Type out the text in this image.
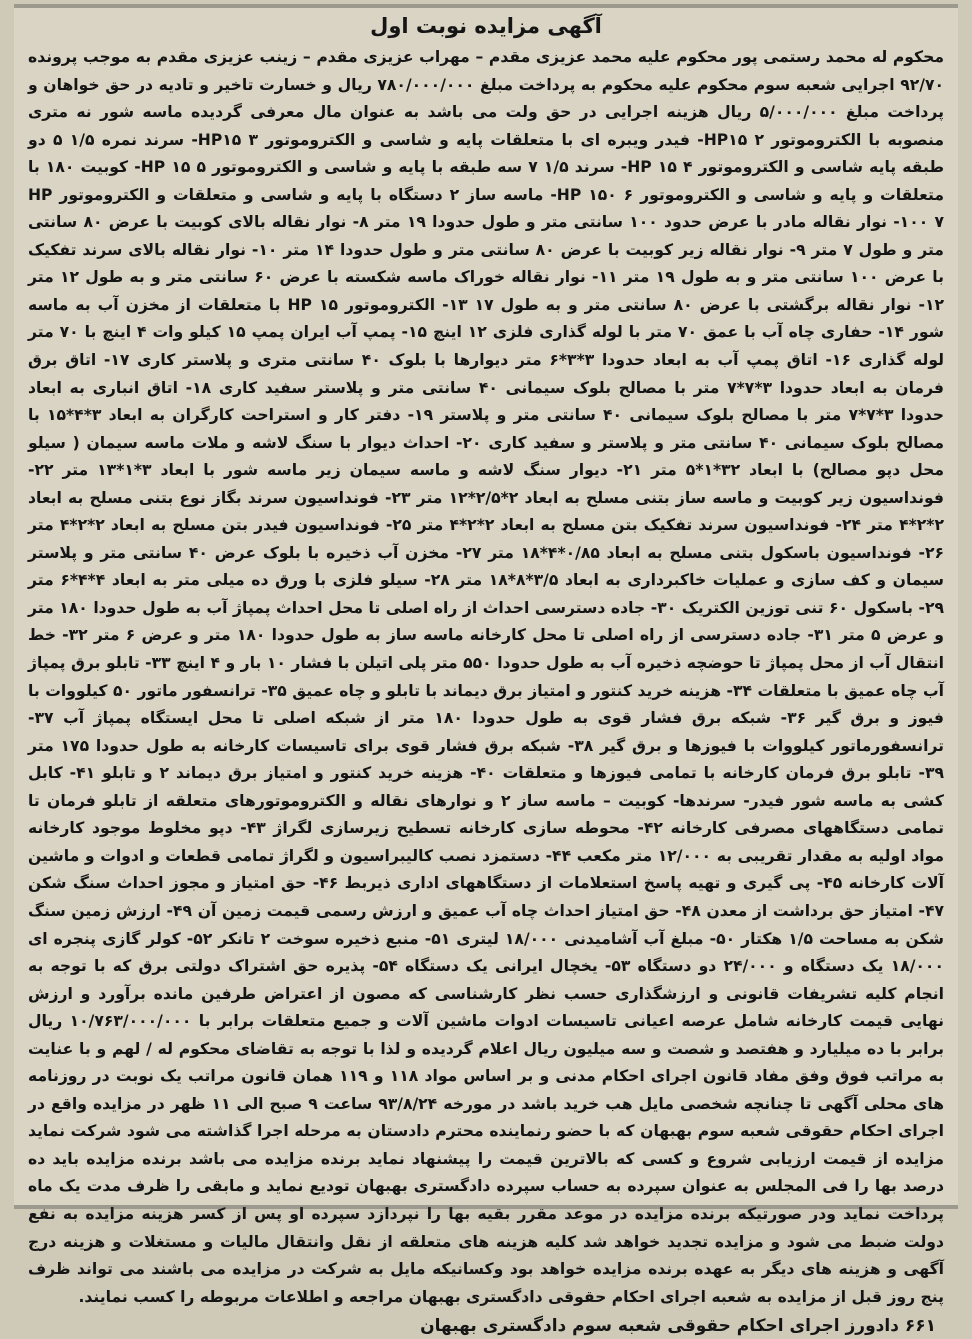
آگهی مزایده نوبت اول

محکوم له محمد رستمی پور محکوم علیه محمد عزیزی مقدم – مهراب عزیزی مقدم – زینب عزیزی مقدم به موجب پرونده ۹۲/۷۰ اجرایی شعبه سوم محکوم علیه محکوم به پرداخت مبلغ ۷۸۰/۰۰۰/۰۰۰ ریال و خسارت تاخیر و تادیه در حق خواهان و پرداخت مبلغ ۵/۰۰۰/۰۰۰ ریال هزینه اجرایی در حق ولت می باشد به عنوان مال معرفی گردیده ماسه شور نه متری منصوبه با الکتروموتور HP۱۵ ۲- فیدر ویبره ای با متعلقات پایه و شاسی و الکتروموتور HP۱۵ ۳- سرند نمره ۱/۵ ۵ دو طبقه پایه شاسی و الکتروموتور HP ۱۵ ۴- سرند ۱/۵ ۷ سه طبقه با پایه و شاسی و الکتروموتور HP ۱۵ ۵- کوبیت ۱۸۰ با متعلقات و پایه و شاسی و الکتروموتور HP ۱۵۰ ۶- ماسه ساز ۲ دستگاه با پایه و شاسی و متعلقات و الکتروموتور HP ۱۰۰ ۷- نوار نقاله مادر با عرض حدود ۱۰۰ سانتی متر و طول حدودا ۱۹ متر ۸- نوار نقاله بالای کوبیت با عرض ۸۰ سانتی متر و طول ۷ متر ۹- نوار نقاله زیر کوبیت با عرض ۸۰ سانتی متر و طول حدودا ۱۴ متر ۱۰- نوار نقاله بالای سرند تفکیک با عرض ۱۰۰ سانتی متر و به طول ۱۹ متر ۱۱- نوار نقاله خوراک ماسه شکسته با عرض ۶۰ سانتی متر و به طول ۱۲ متر ۱۲- نوار نقاله برگشتی با عرض ۸۰ سانتی متر و به طول ۱۷ ۱۳- الکتروموتور HP ۱۵ با متعلقات از مخزن آب به ماسه شور ۱۴- حفاری چاه آب با عمق ۷۰ متر با لوله گذاری فلزی ۱۲ اینچ ۱۵- پمپ آب ایران پمپ ۱۵ کیلو وات ۴ اینچ با ۷۰ متر لوله گذاری ۱۶- اتاق پمپ آب به ابعاد حدودا ۳*۳*۶ متر دیوارها با بلوک ۴۰ سانتی متری و پلاستر کاری ۱۷- اتاق برق فرمان به ابعاد حدودا ۳*۷*۷ متر با مصالح بلوک سیمانی ۴۰ سانتی متر و پلاستر سفید کاری ۱۸- اتاق انباری به ابعاد حدودا ۳*۷*۷ متر با مصالح بلوک سیمانی ۴۰ سانتی متر و پلاستر ۱۹- دفتر کار و استراحت کارگران به ابعاد ۳*۴*۱۵ با مصالح بلوک سیمانی ۴۰ سانتی متر و پلاستر و سفید کاری ۲۰- احداث دیوار با سنگ لاشه و ملات ماسه سیمان ( سیلو محل دپو مصالح) با ابعاد ۳۲*۱*۵ متر ۲۱- دیوار سنگ لاشه و ماسه سیمان زیر ماسه شور با ابعاد ۳*۱*۱۳ متر ۲۲- فونداسیون زیر کوبیت و ماسه ساز بتنی مسلح به ابعاد ۲*۲/۵*۱۲ متر ۲۳- فونداسیون سرند بگاز نوع بتنی مسلح به ابعاد ۲*۲*۴ متر ۲۴- فونداسیون سرند تفکیک بتن مسلح به ابعاد ۲*۲*۴ متر ۲۵- فونداسیون فیدر بتن مسلح به ابعاد ۲*۲*۴ متر ۲۶- فونداسیون باسکول بتنی مسلح به ابعاد ۰/۸۵*۴*۱۸ متر ۲۷- مخزن آب ذخیره با بلوک عرض ۴۰ سانتی متر و پلاستر سیمان و کف سازی و عملیات خاکبرداری به ابعاد ۳/۵*۸*۱۸ متر ۲۸- سیلو فلزی با ورق ده میلی متر به ابعاد ۴*۴*۶ متر ۲۹- باسکول ۶۰ تنی توزین الکتریک ۳۰- جاده دسترسی احداث از راه اصلی تا محل احداث پمپاژ آب به طول حدودا ۱۸۰ متر و عرض ۵ متر ۳۱- جاده دسترسی از راه اصلی تا محل کارخانه ماسه ساز به طول حدودا ۱۸۰ متر و عرض ۶ متر ۳۲- خط انتقال آب از محل پمپاژ تا حوضچه ذخیره آب به طول حدودا ۵۵۰ متر پلی اتیلن با فشار ۱۰ بار و ۴ اینچ ۳۳- تابلو برق پمپاژ آب چاه عمیق با متعلقات ۳۴- هزینه خرید کنتور و امتیاز برق دیماند با تابلو و چاه عمیق ۳۵- ترانسفور ماتور ۵۰ کیلووات با فیوز و برق گیر ۳۶- شبکه برق فشار قوی به طول حدودا ۱۸۰ متر از شبکه اصلی تا محل ایستگاه پمپاژ آب ۳۷- ترانسفورماتور کیلووات با فیوزها و برق گیر ۳۸- شبکه برق فشار قوی برای تاسیسات کارخانه به طول حدودا ۱۷۵ متر ۳۹- تابلو برق فرمان کارخانه با تمامی فیوزها و متعلقات ۴۰- هزینه خرید کنتور و امتیاز برق دیماند ۲ و تابلو ۴۱- کابل کشی به ماسه شور فیدر- سرندها- کوبیت – ماسه ساز ۲ و نوارهای نقاله و الکتروموتورهای متعلقه از تابلو فرمان تا تمامی دستگاههای مصرفی کارخانه ۴۲- محوطه سازی کارخانه تسطیح زیرسازی لگراژ ۴۳- دپو مخلوط موجود کارخانه مواد اولیه به مقدار تقریبی به ۱۲/۰۰۰ متر مکعب ۴۴- دستمزد نصب کالیبراسیون و لگراژ تمامی قطعات و ادوات و ماشین آلات کارخانه ۴۵- پی گیری و تهیه پاسخ استعلامات از دستگاههای اداری ذیربط ۴۶- حق امتیاز و مجوز احداث سنگ شکن ۴۷- امتیاز حق برداشت از معدن ۴۸- حق امتیاز احداث چاه آب عمیق و ارزش رسمی قیمت زمین آن ۴۹- ارزش زمین سنگ شکن به مساحت ۱/۵ هکتار ۵۰- مبلغ آب آشامیدنی ۱۸/۰۰۰ لیتری ۵۱- منبع ذخیره سوخت ۲ تانکر ۵۲- کولر گازی پنجره ای ۱۸/۰۰۰ یک دستگاه و ۲۴/۰۰۰ دو دستگاه ۵۳- یخچال ایرانی یک دستگاه ۵۴- پذیره حق اشتراک دولتی برق که با توجه به انجام کلیه تشریفات قانونی و ارزشگذاری حسب نظر کارشناسی که مصون از اعتراض طرفین مانده برآورد و ارزش نهایی قیمت کارخانه شامل عرصه اعیانی تاسیسات ادوات ماشین آلات و جمیع متعلقات برابر با ۱۰/۷۶۳/۰۰۰/۰۰۰ ریال برابر با ده میلیارد و هفتصد و شصت و سه میلیون ریال اعلام گردیده و لذا با توجه به تقاضای محکوم له / لهم و با عنایت به مراتب فوق وفق مفاد قانون اجرای احکام مدنی و بر اساس مواد ۱۱۸ و ۱۱۹ همان قانون مراتب یک نوبت در روزنامه های محلی آگهی تا چنانچه شخصی مایل هب خرید باشد در مورخه ۹۳/۸/۲۴ ساعت ۹ صبح الی ۱۱ ظهر در مزایده واقع در اجرای احکام حقوقی شعبه سوم بهبهان که با حضو رنماینده محترم دادستان به مرحله اجرا گذاشته می شود شرکت نماید مزایده از قیمت ارزیابی شروع و کسی که بالاترین قیمت را پیشنهاد نماید برنده مزایده می باشد برنده مزایده باید ده درصد بها را فی المجلس به عنوان سپرده به حساب سپرده دادگستری بهبهان تودیع نماید و مابقی را ظرف مدت یک ماه پرداخت نماید ودر صورتیکه برنده مزایده در موعد مقرر بقیه بها را نپردازد سپرده او پس از کسر هزینه مزایده به نفع دولت ضبط می شود و مزایده تجدید خواهد شد کلیه هزینه های متعلقه از نقل وانتقال مالیات و مستغلات و هزینه درج آگهی و هزینه های دیگر به عهده برنده مزایده خواهد بود وکسانیکه مایل به شرکت در مزایده می باشند می تواند ظرف پنج روز قبل از مزایده به شعبه اجرای احکام حقوقی دادگستری بهبهان مراجعه و اطلاعات مربوطه را کسب نمایند.

۶۶۱ دادورز اجرای احکام حقوقی شعبه سوم دادگستری بهبهان
